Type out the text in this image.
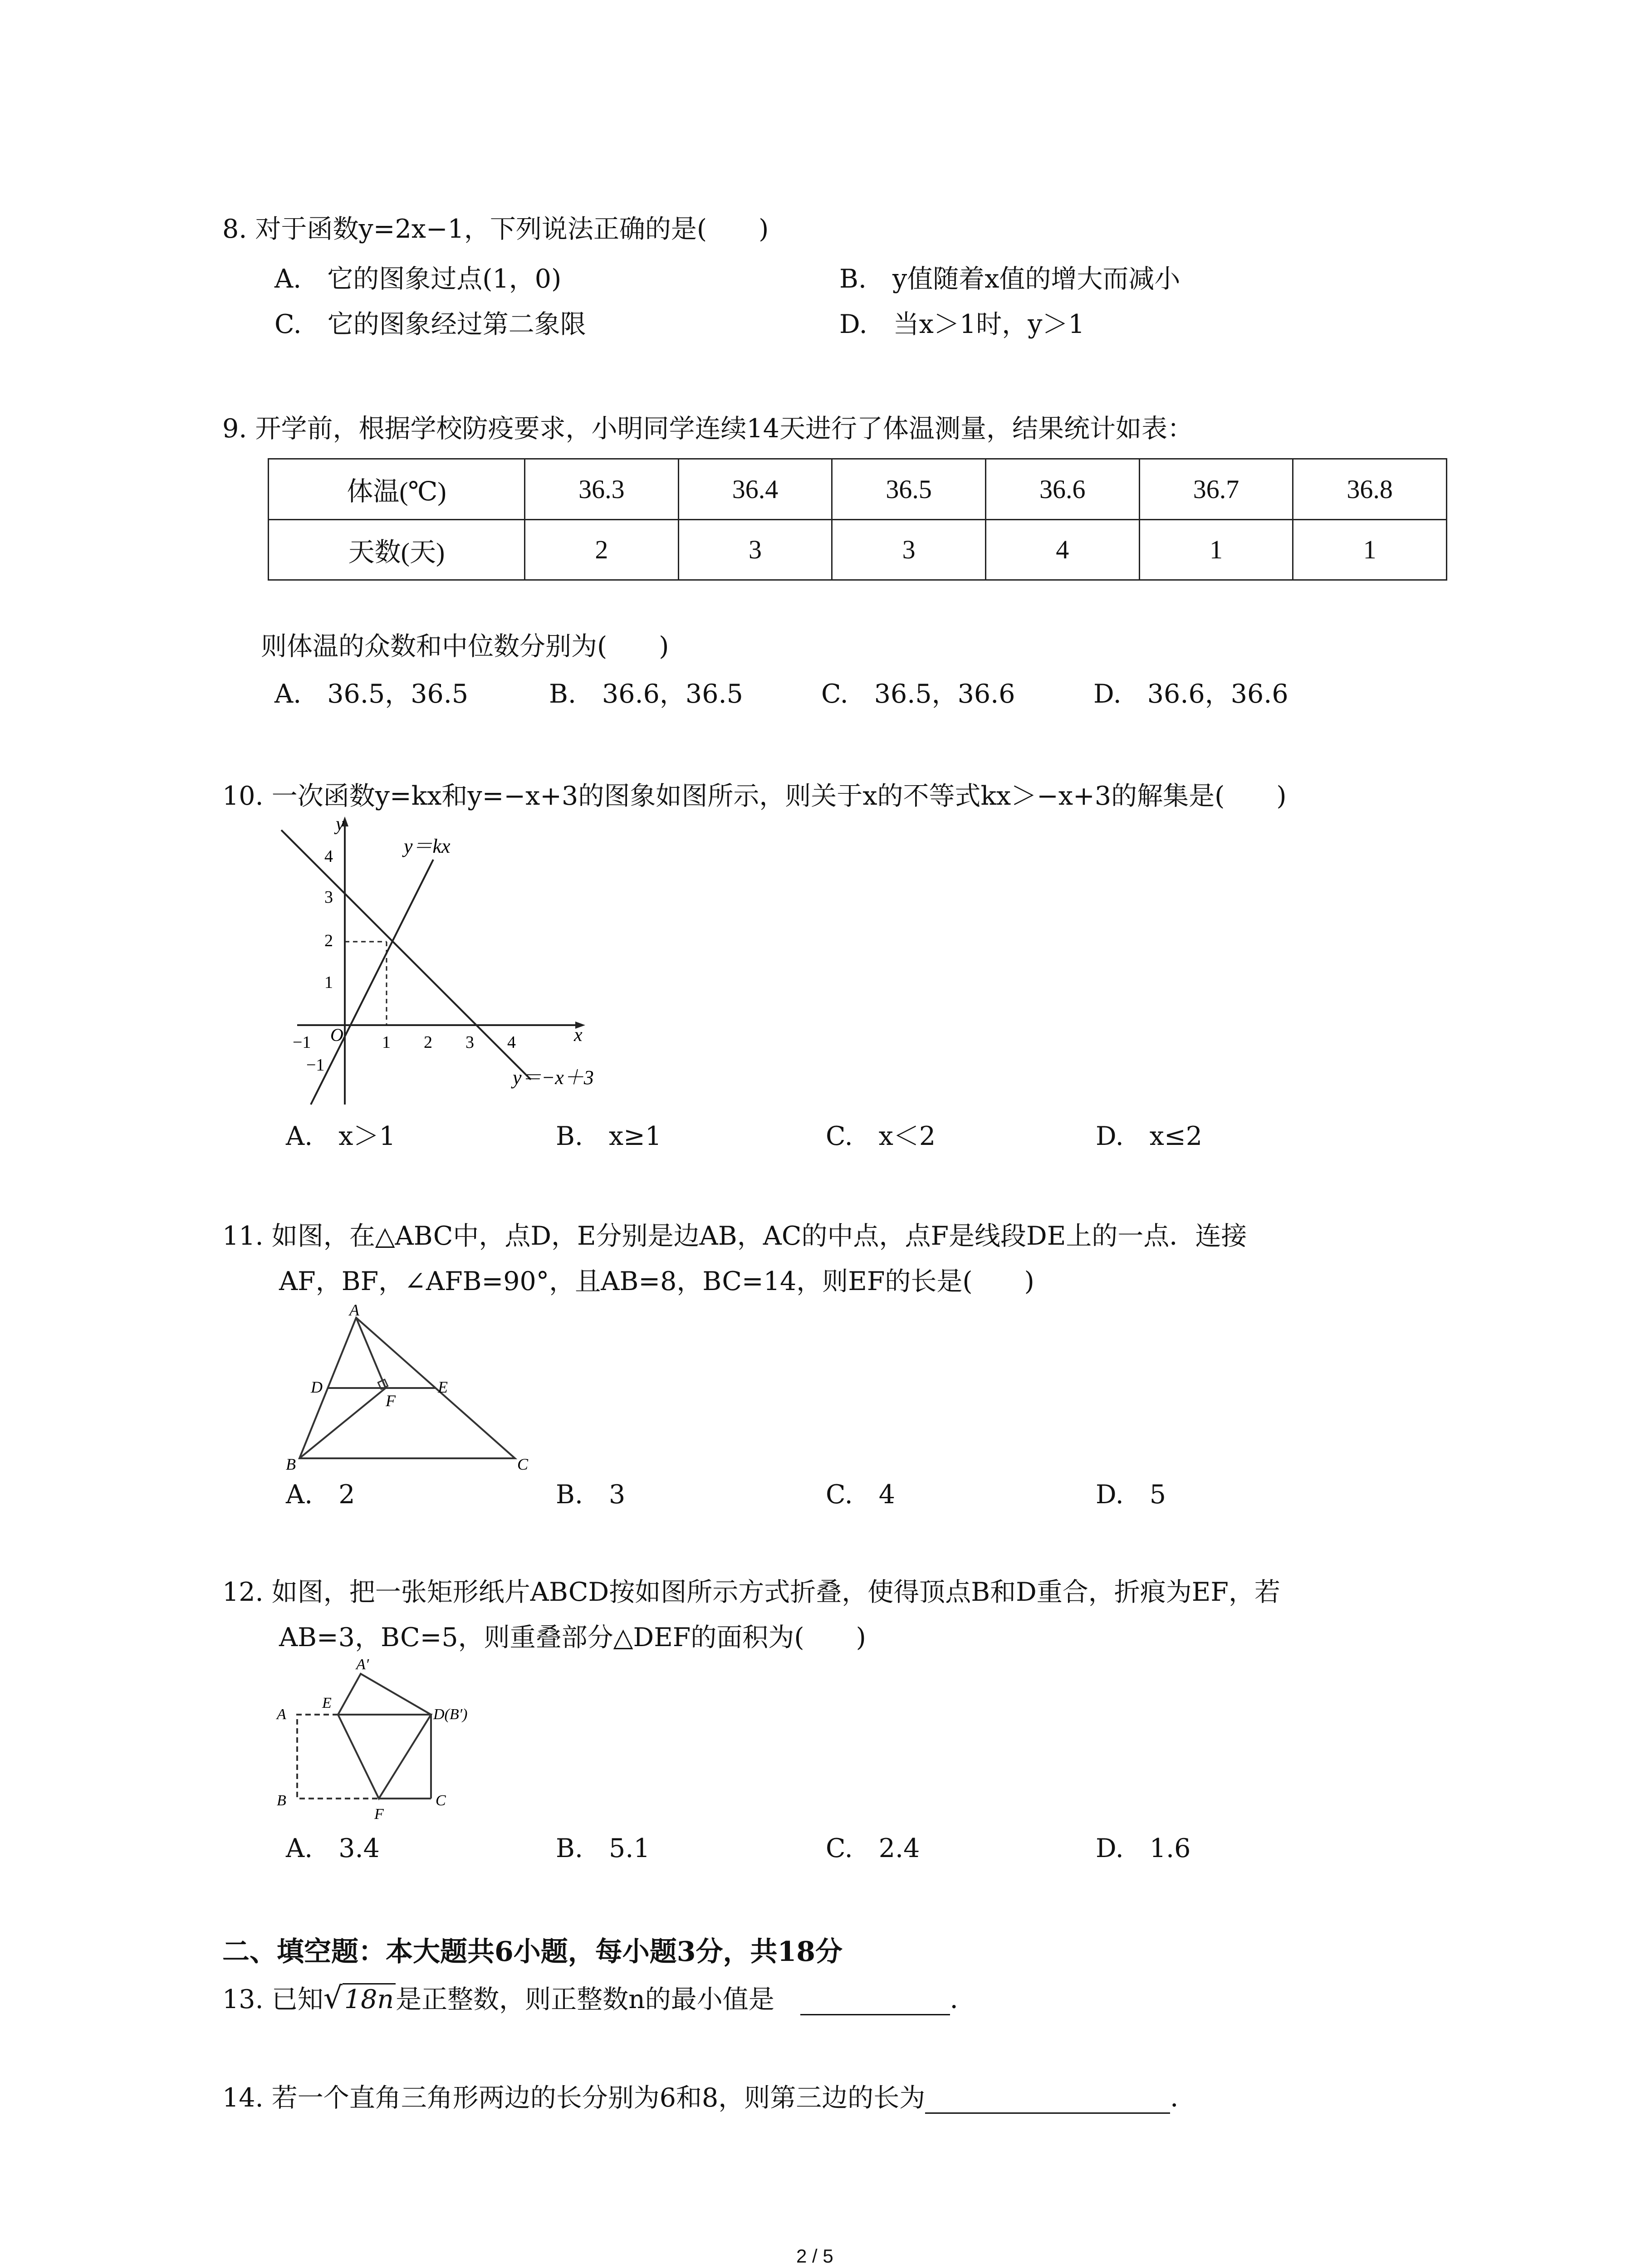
8. 对于函数y=2x−1，下列说法正确的是(　　)
A.  它的图象过点(1，0)	B.  y值随着x值的增大而减小
C.  它的图象经过第二象限	D.  当x＞1时，y＞1
9. 开学前，根据学校防疫要求，小明同学连续14天进行了体温测量，结果统计如表：
体温(℃)	36.3	36.4	36.5	36.6	36.7	36.8
天数(天)	2	3	3	4	1	1
则体温的众数和中位数分别为(　　)
A.  36.5，36.5	B.  36.6，36.5	C.  36.5，36.6	D.  36.6，36.6
10. 一次函数y=kx和y=−x+3的图象如图所示，则关于x的不等式kx＞−x+3的解集是(　　)
y＝kx
y＝−x＋3
x
y
O
−1	1 2 3 4
4
3
2
1
−1
A.  x＞1	B.  x≥1	C.  x＜2	D.  x≤2
11. 如图，在△ABC中，点D，E分别是边AB，AC的中点，点F是线段DE上的一点．连接
AF，BF，∠AFB=90°，且AB=8，BC=14，则EF的长是(　　)
A
B	C
D	E
F
A.  2	B.  3	C.  4	D.  5
12. 如图，把一张矩形纸片ABCD按如图所示方式折叠，使得顶点B和D重合，折痕为EF，若
AB=3，BC=5，则重叠部分△DEF的面积为(　　)
A′
E
A
B
F
C
D(B′)
A.  3.4	B.  5.1	C.  2.4	D.  1.6
二、填空题：本大题共6小题，每小题3分，共18分
13. 已知√18n是正整数，则正整数n的最小值是 	．
14. 若一个直角三角形两边的长分别为6和8，则第三边的长为	．
2 / 5
